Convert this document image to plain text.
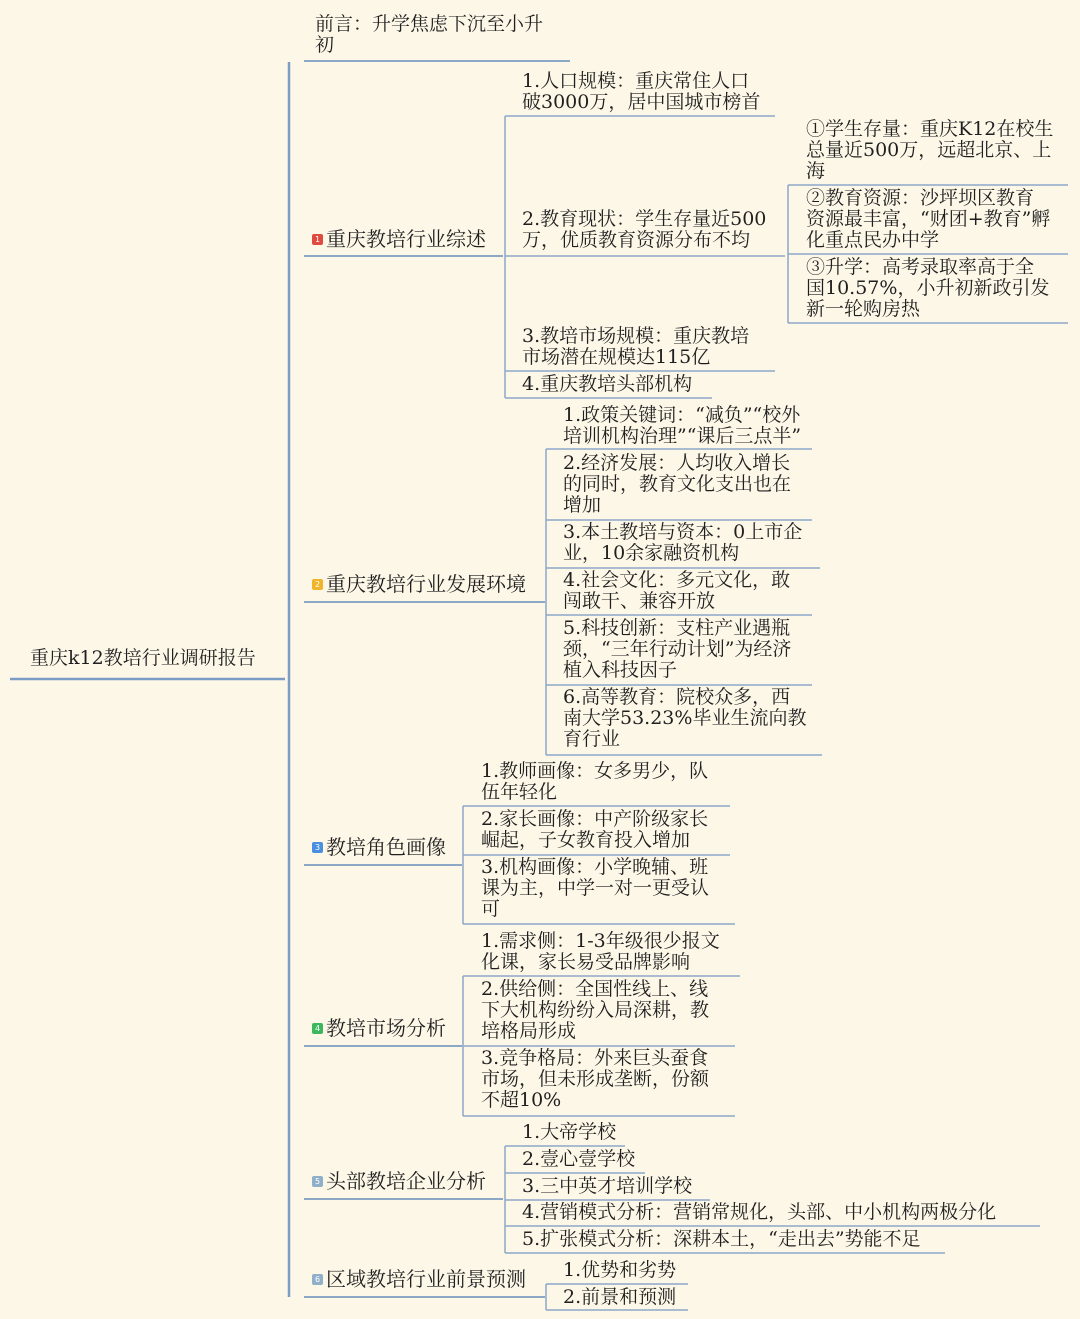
重庆k12教培行业调研报告
前言：升学焦虑下沉至小升
初
1 重庆教培行业综述
1.人口规模：重庆常住人口
破3000万，居中国城市榜首
2.教育现状：学生存量近500
万，优质教育资源分布不均
①学生存量：重庆K12在校生
总量近500万，远超北京、上
海
②教育资源：沙坪坝区教育
资源最丰富，“财团+教育”孵
化重点民办中学
③升学：高考录取率高于全
国10.57%，小升初新政引发
新一轮购房热
3.教培市场规模：重庆教培
市场潜在规模达115亿
4.重庆教培头部机构
2 重庆教培行业发展环境
1.政策关键词：“减负”“校外
培训机构治理”“课后三点半”
2.经济发展：人均收入增长
的同时，教育文化支出也在
增加
3.本土教培与资本：0上市企
业，10余家融资机构
4.社会文化：多元文化，敢
闯敢干、兼容开放
5.科技创新：支柱产业遇瓶
颈，“三年行动计划”为经济
植入科技因子
6.高等教育：院校众多，西
南大学53.23%毕业生流向教
育行业
3 教培角色画像
1.教师画像：女多男少，队
伍年轻化
2.家长画像：中产阶级家长
崛起，子女教育投入增加
3.机构画像：小学晚辅、班
课为主，中学一对一更受认
可
4 教培市场分析
1.需求侧：1-3年级很少报文
化课，家长易受品牌影响
2.供给侧：全国性线上、线
下大机构纷纷入局深耕，教
培格局形成
3.竞争格局：外来巨头蚕食
市场，但未形成垄断，份额
不超10%
5 头部教培企业分析
1.大帝学校
2.壹心壹学校
3.三中英才培训学校
4.营销模式分析：营销常规化，头部、中小机构两极分化
5.扩张模式分析：深耕本土，“走出去”势能不足
6 区域教培行业前景预测 1.优势和劣势
2.前景和预测
